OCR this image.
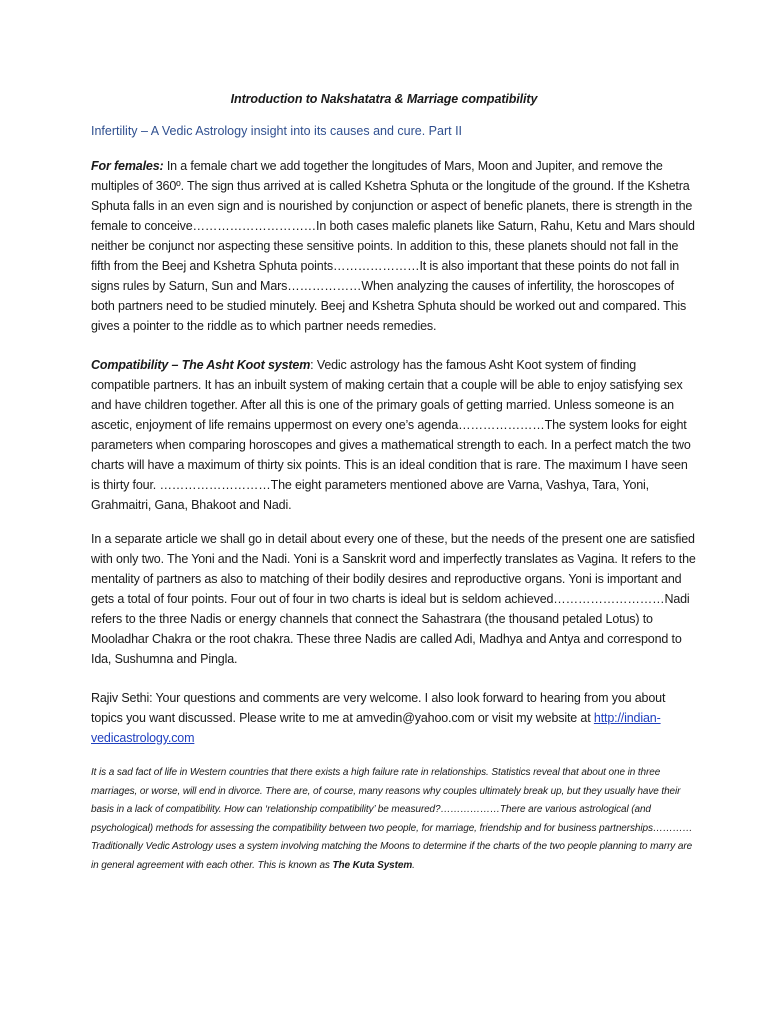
Introduction to Nakshatatra & Marriage compatibility
Infertility – A Vedic Astrology insight into its causes and cure. Part II
For females: In a female chart we add together the longitudes of Mars, Moon and Jupiter, and remove the multiples of 360º. The sign thus arrived at is called Kshetra Sphuta or the longitude of the ground. If the Kshetra Sphuta falls in an even sign and is nourished by conjunction or aspect of benefic planets, there is strength in the female to conceive…………………………In both cases malefic planets like Saturn, Rahu, Ketu and Mars should neither be conjunct nor aspecting these sensitive points. In addition to this, these planets should not fall in the fifth from the Beej and Kshetra Sphuta points…………………It is also important that these points do not fall in signs rules by Saturn, Sun and Mars………………When analyzing the causes of infertility, the horoscopes of both partners need to be studied minutely. Beej and Kshetra Sphuta should be worked out and compared. This gives a pointer to the riddle as to which partner needs remedies.
Compatibility – The Asht Koot system: Vedic astrology has the famous Asht Koot system of finding compatible partners. It has an inbuilt system of making certain that a couple will be able to enjoy satisfying sex and have children together. After all this is one of the primary goals of getting married. Unless someone is an ascetic, enjoyment of life remains uppermost on every one’s agenda…………………The system looks for eight parameters when comparing horoscopes and gives a mathematical strength to each. In a perfect match the two charts will have a maximum of thirty six points. This is an ideal condition that is rare. The maximum I have seen is thirty four. ………………………The eight parameters mentioned above are Varna, Vashya, Tara, Yoni, Grahmaitri, Gana, Bhakoot and Nadi.
In a separate article we shall go in detail about every one of these, but the needs of the present one are satisfied with only two. The Yoni and the Nadi. Yoni is a Sanskrit word and imperfectly translates as Vagina. It refers to the mentality of partners as also to matching of their bodily desires and reproductive organs. Yoni is important and gets a total of four points. Four out of four in two charts is ideal but is seldom achieved………………………Nadi refers to the three Nadis or energy channels that connect the Sahastrara (the thousand petaled Lotus) to Mooladhar Chakra or the root chakra. These three Nadis are called Adi, Madhya and Antya and correspond to Ida, Sushumna and Pingla.
Rajiv Sethi: Your questions and comments are very welcome. I also look forward to hearing from you about topics you want discussed. Please write to me at amvedin@yahoo.com or visit my website at http://indian-vedicastrology.com
It is a sad fact of life in Western countries that there exists a high failure rate in relationships. Statistics reveal that about one in three marriages, or worse, will end in divorce. There are, of course, many reasons why couples ultimately break up, but they usually have their basis in a lack of compatibility. How can ‘relationship compatibility’ be measured?………………There are various astrological (and psychological) methods for assessing the compatibility between two people, for marriage, friendship and for business partnerships…………Traditionally Vedic Astrology uses a system involving matching the Moons to determine if the charts of the two people planning to marry are in general agreement with each other. This is known as The Kuta System.
